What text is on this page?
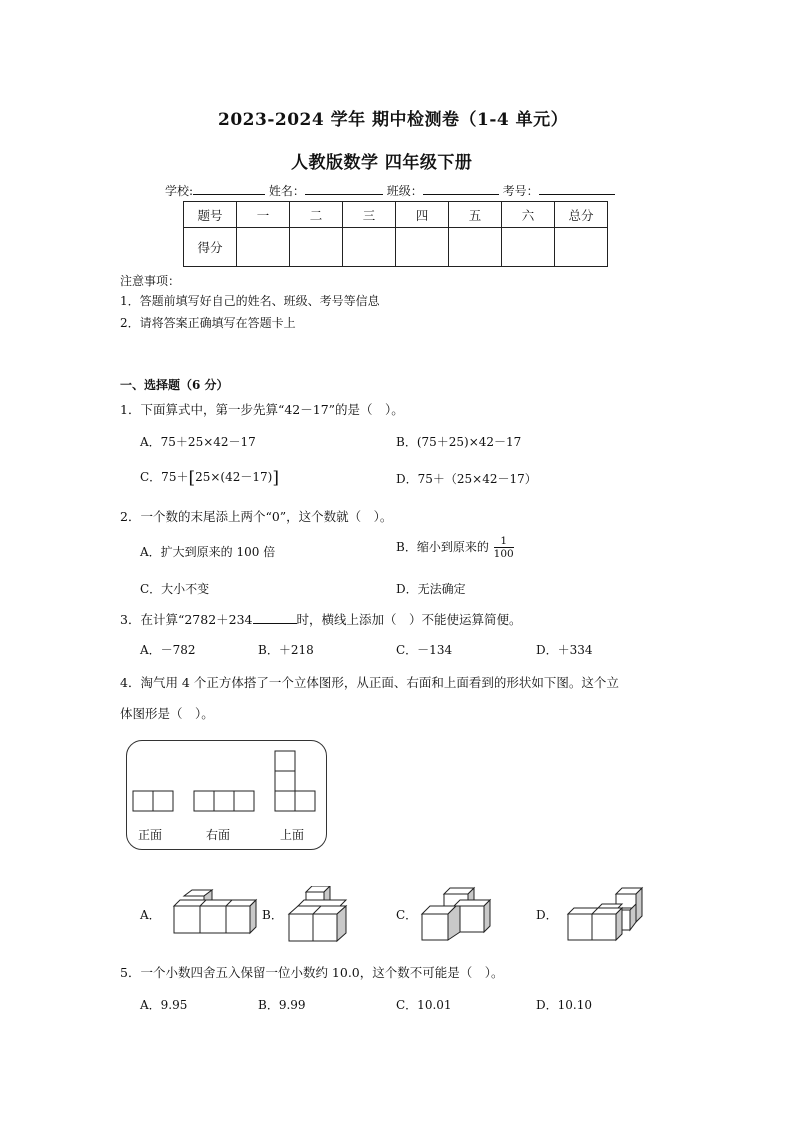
2023-2024 学年 期中检测卷（1-4 单元）
人教版数学 四年级下册
学校:	姓名：	班级：	考号：
题号	一	二	三	四	五	六	总分
得分							
注意事项：
1．答题前填写好自己的姓名、班级、考号等信息
2．请将答案正确填写在答题卡上
一、选择题（6 分）
1．下面算式中，第一步先算“42－17”的是（　）。
A．75＋25×42－17	B．(75＋25)×42－17
C．75＋[25×(42－17)]	D．75＋（25×42－17）
2．一个数的末尾添上两个“0”，这个数就（　）。
A．扩大到原来的 100 倍	B．缩小到原来的 $\frac{1}{100}$
C．大小不变	D．无法确定
3．在计算“2782＋234	时，横线上添加（　）不能使运算简便。
A．－782	B．＋218	C．－134	D．＋334
4．淘气用 4 个正方体搭了一个立体图形，从正面、右面和上面看到的形状如下图。这个立
体图形是（　）。
正面	右面	上面
A．	B．	C．	D．
5．一个小数四舍五入保留一位小数约 10.0，这个数不可能是（　）。
A．9.95	B．9.99	C．10.01	D．10.10
